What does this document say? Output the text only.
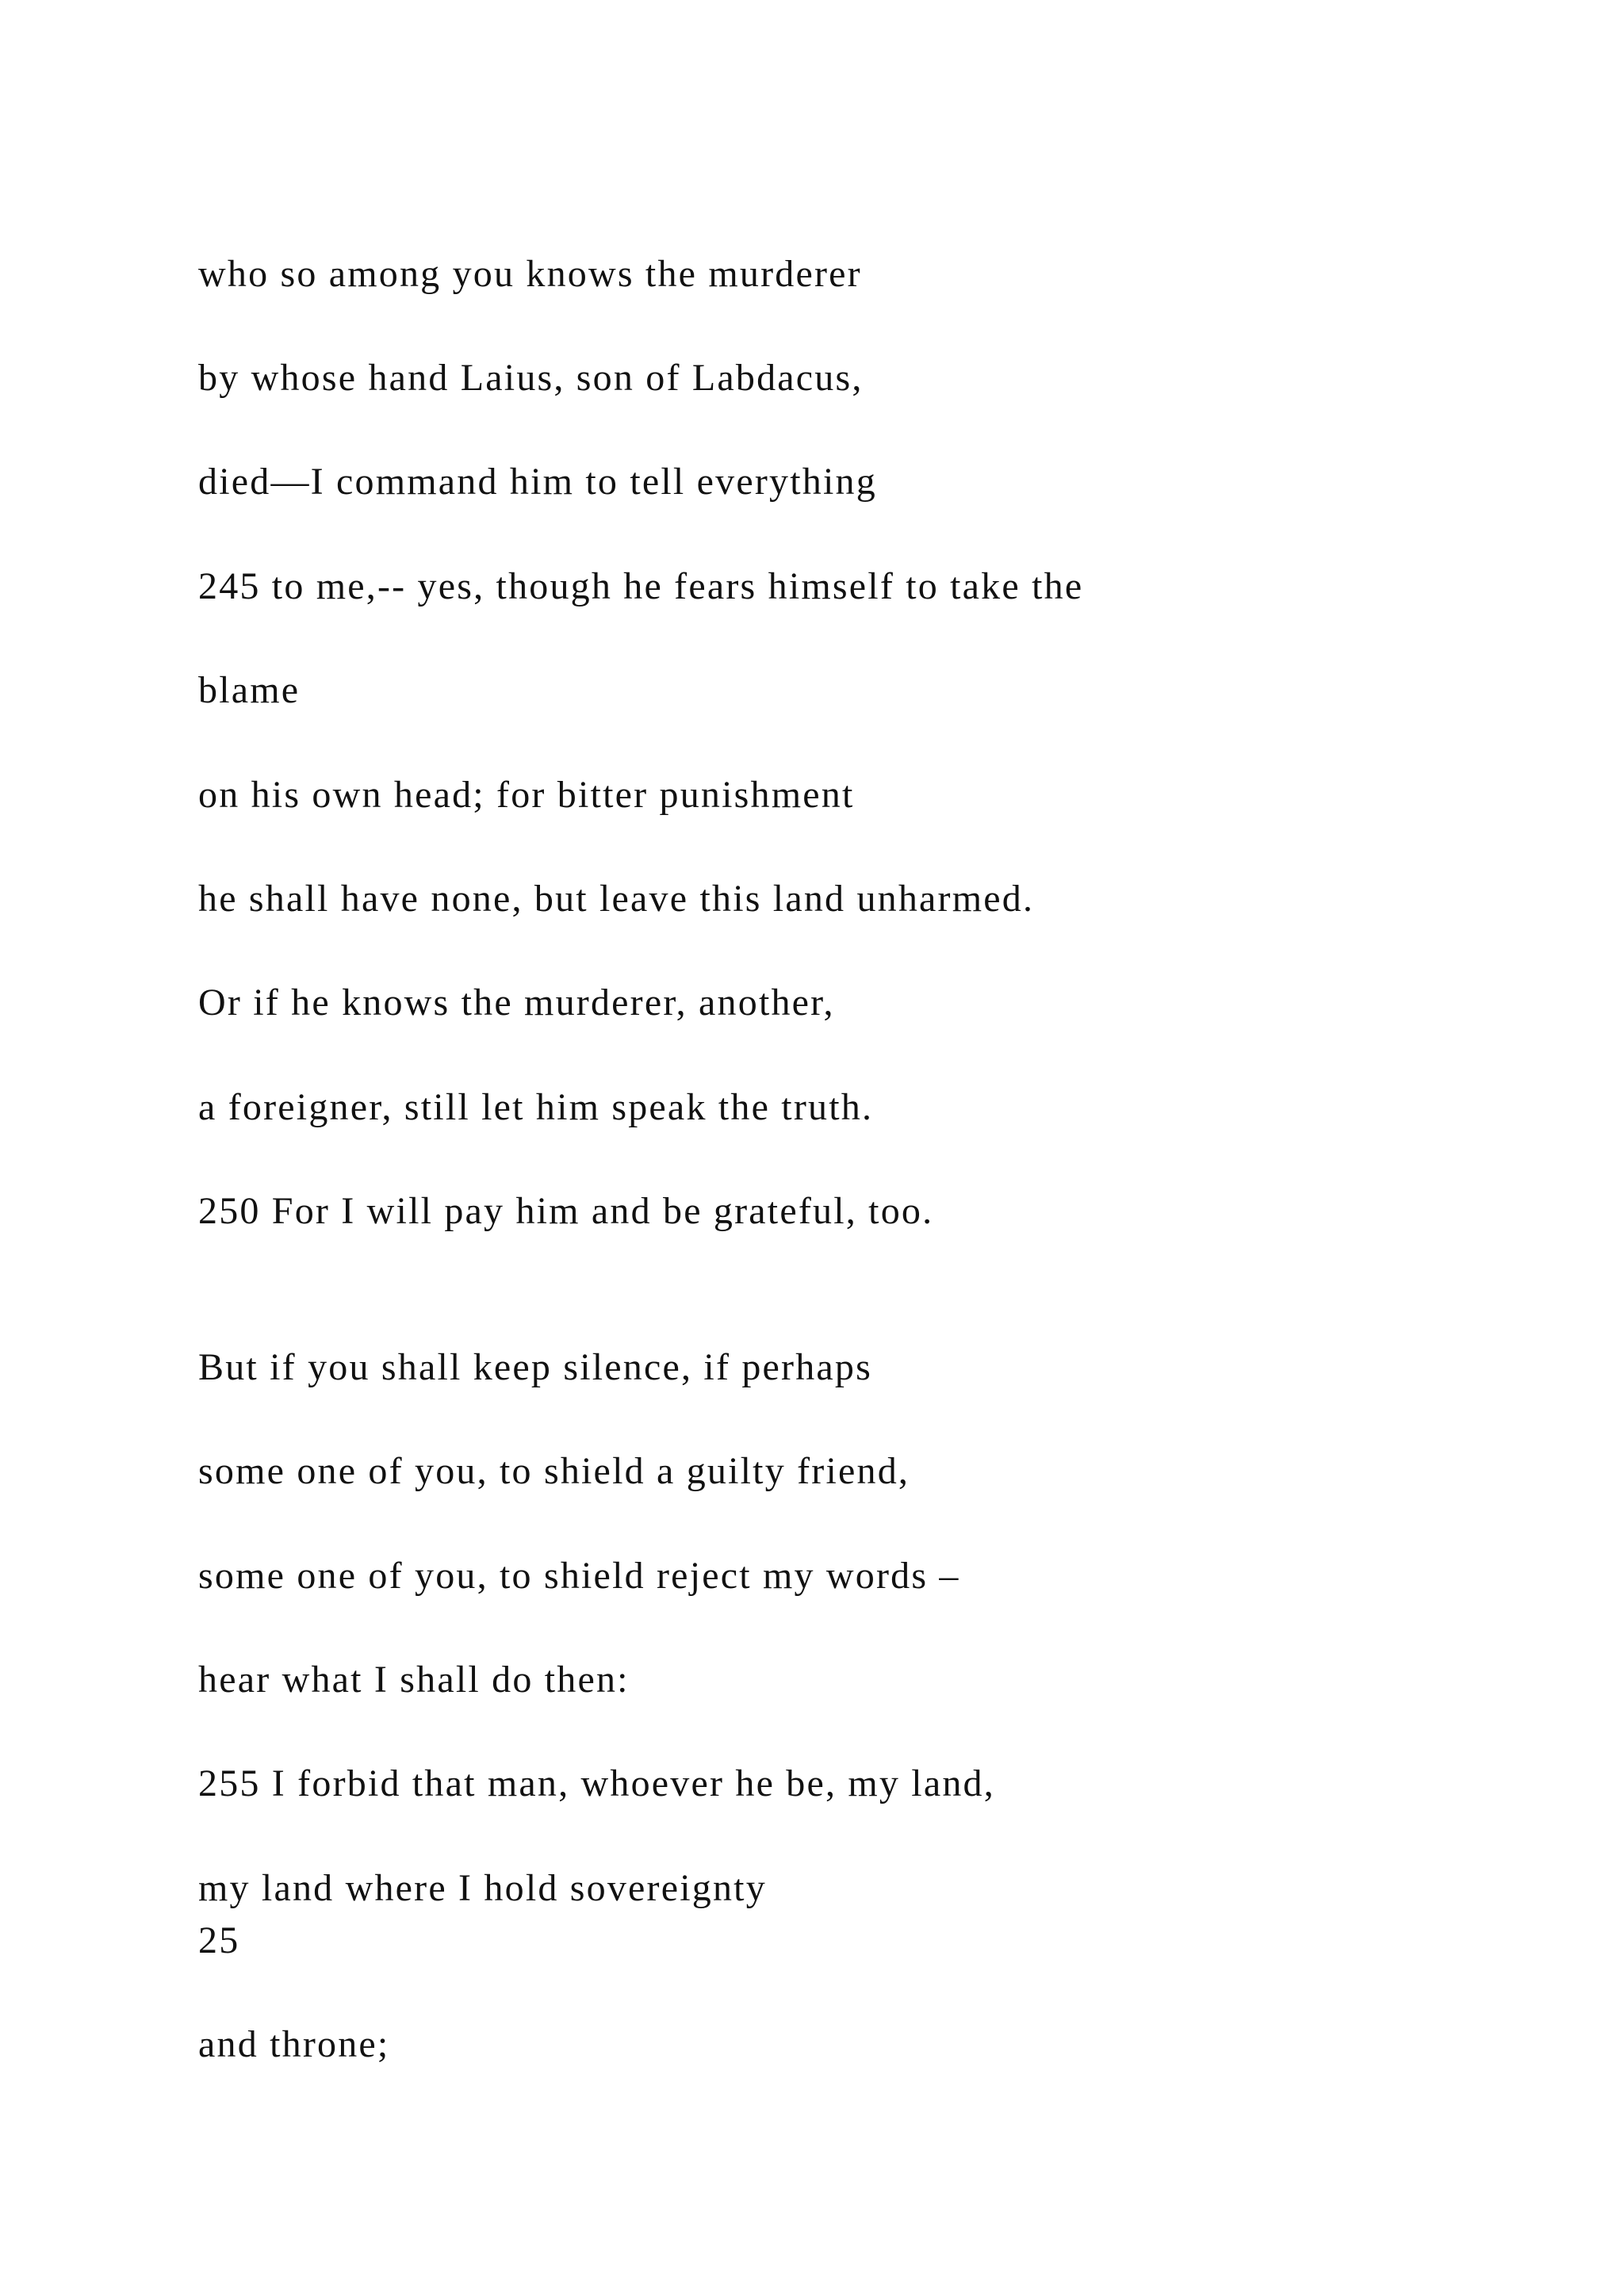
who so among you knows the murderer

by whose hand Laius, son of Labdacus,

died—I command him to tell everything

245 to me,-- yes, though he fears himself to take the

blame

on his own head; for bitter punishment

he shall have none, but leave this land unharmed.

Or if he knows the murderer, another,

a foreigner, still let him speak the truth.

250 For I will pay him and be grateful, too.

But if you shall keep silence, if perhaps

some one of you, to shield a guilty friend,

some one of you, to shield reject my words –

hear what I shall do then:

255 I forbid that man, whoever he be, my land,

my land where I hold sovereignty

25

and throne;
